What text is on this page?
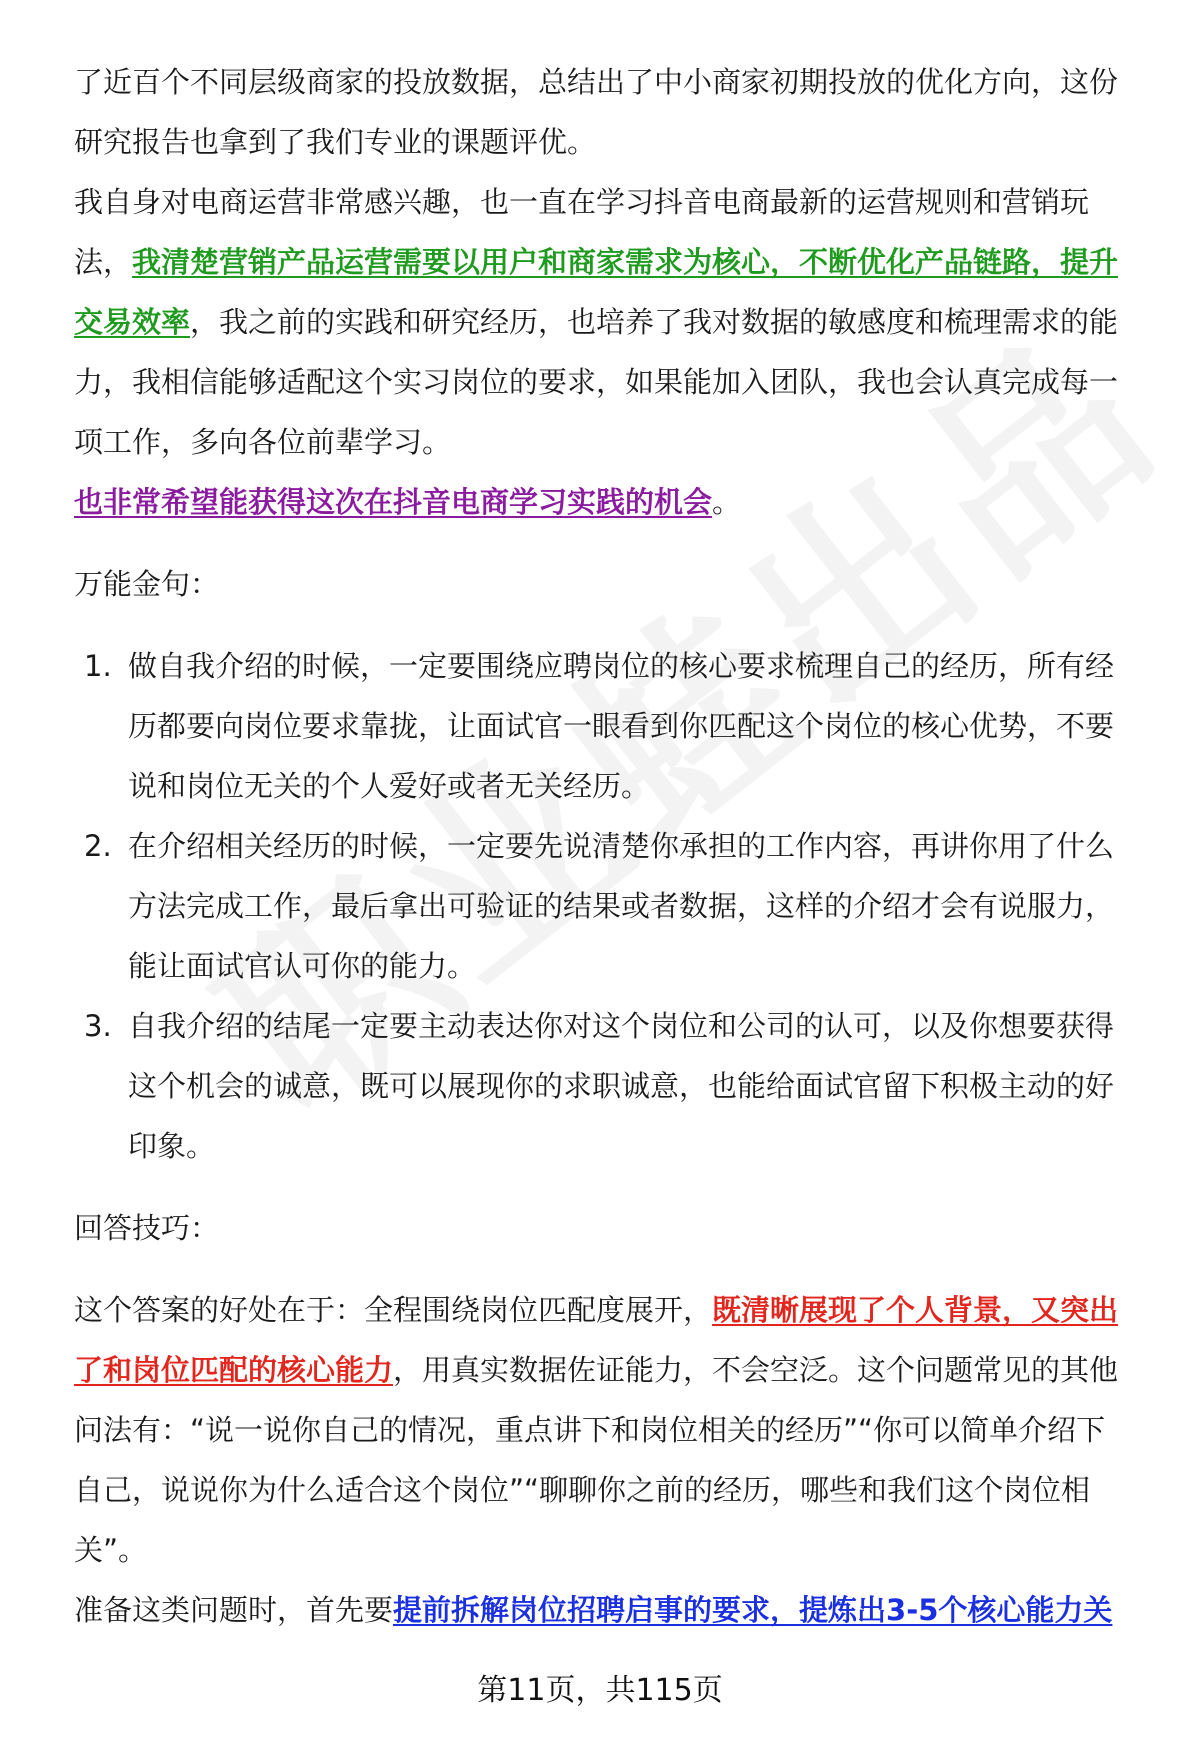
了近百个不同层级商家的投放数据，总结出了中小商家初期投放的优化方向，这份研究报告也拿到了我们专业的课题评优。

我自身对电商运营非常感兴趣，也一直在学习抖音电商最新的运营规则和营销玩法，我清楚营销产品运营需要以用户和商家需求为核心，不断优化产品链路，提升交易效率，我之前的实践和研究经历，也培养了我对数据的敏感度和梳理需求的能力，我相信能够适配这个实习岗位的要求，如果能加入团队，我也会认真完成每一项工作，多向各位前辈学习。

也非常希望能获得这次在抖音电商学习实践的机会。

万能金句：

1. 做自我介绍的时候，一定要围绕应聘岗位的核心要求梳理自己的经历，所有经历都要向岗位要求靠拢，让面试官一眼看到你匹配这个岗位的核心优势，不要说和岗位无关的个人爱好或者无关经历。
2. 在介绍相关经历的时候，一定要先说清楚你承担的工作内容，再讲你用了什么方法完成工作，最后拿出可验证的结果或者数据，这样的介绍才会有说服力，能让面试官认可你的能力。
3. 自我介绍的结尾一定要主动表达你对这个岗位和公司的认可，以及你想要获得这个机会的诚意，既可以展现你的求职诚意，也能给面试官留下积极主动的好印象。

回答技巧：

这个答案的好处在于：全程围绕岗位匹配度展开，既清晰展现了个人背景，又突出了和岗位匹配的核心能力，用真实数据佐证能力，不会空泛。这个问题常见的其他问法有：“说一说你自己的情况，重点讲下和岗位相关的经历”“你可以简单介绍下自己，说说你为什么适合这个岗位”“聊聊你之前的经历，哪些和我们这个岗位相关”。

准备这类问题时，首先要提前拆解岗位招聘启事的要求，提炼出3-5个核心能力关

第11页，共115页
